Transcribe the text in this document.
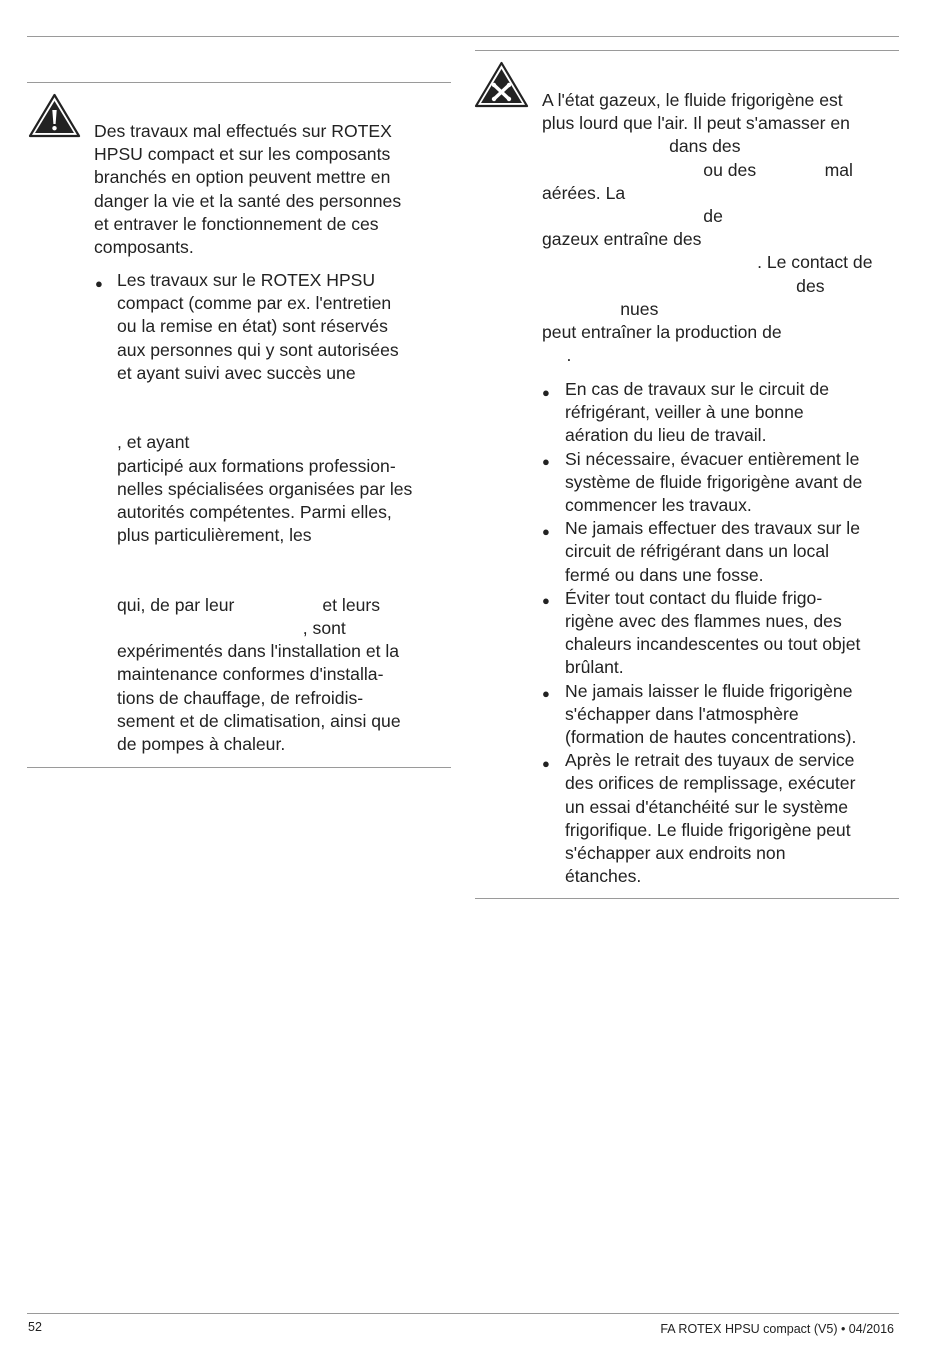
Des travaux mal effectués sur ROTEX
HPSU compact et sur les composants
branchés en option peuvent mettre en
danger la vie et la santé des personnes
et entraver le fonctionnement de ces
composants.
● Les travaux sur le ROTEX HPSU
compact (comme par ex. l'entretien
ou la remise en état) sont réservés
aux personnes qui y sont autorisées
et ayant suivi avec succès une
, et ayant
participé aux formations profession-
nelles spécialisées organisées par les
autorités compétentes. Parmi elles,
plus particulièrement, les
qui, de par leur                  et leurs
, sont
expérimentés dans l'installation et la
maintenance conformes d'installa-
tions de chauffage, de refroidis-
sement et de climatisation, ainsi que
de pompes à chaleur.
A l'état gazeux, le fluide frigorigène est
plus lourd que l'air. Il peut s'amasser en
dans des
ou des              mal
aérées. La
de
gazeux entraîne des
. Le contact de
des
nues
peut entraîner la production de
.
● En cas de travaux sur le circuit de
réfrigérant, veiller à une bonne
aération du lieu de travail.
● Si nécessaire, évacuer entièrement le
système de fluide frigorigène avant de
commencer les travaux.
● Ne jamais effectuer des travaux sur le
circuit de réfrigérant dans un local
fermé ou dans une fosse.
● Éviter tout contact du fluide frigo-
rigène avec des flammes nues, des
chaleurs incandescentes ou tout objet
brûlant.
● Ne jamais laisser le fluide frigorigène
s'échapper dans l'atmosphère
(formation de hautes concentrations).
● Après le retrait des tuyaux de service
des orifices de remplissage, exécuter
un essai d'étanchéité sur le système
frigorifique. Le fluide frigorigène peut
s'échapper aux endroits non
étanches.
52	FA ROTEX HPSU compact (V5) • 04/2016
